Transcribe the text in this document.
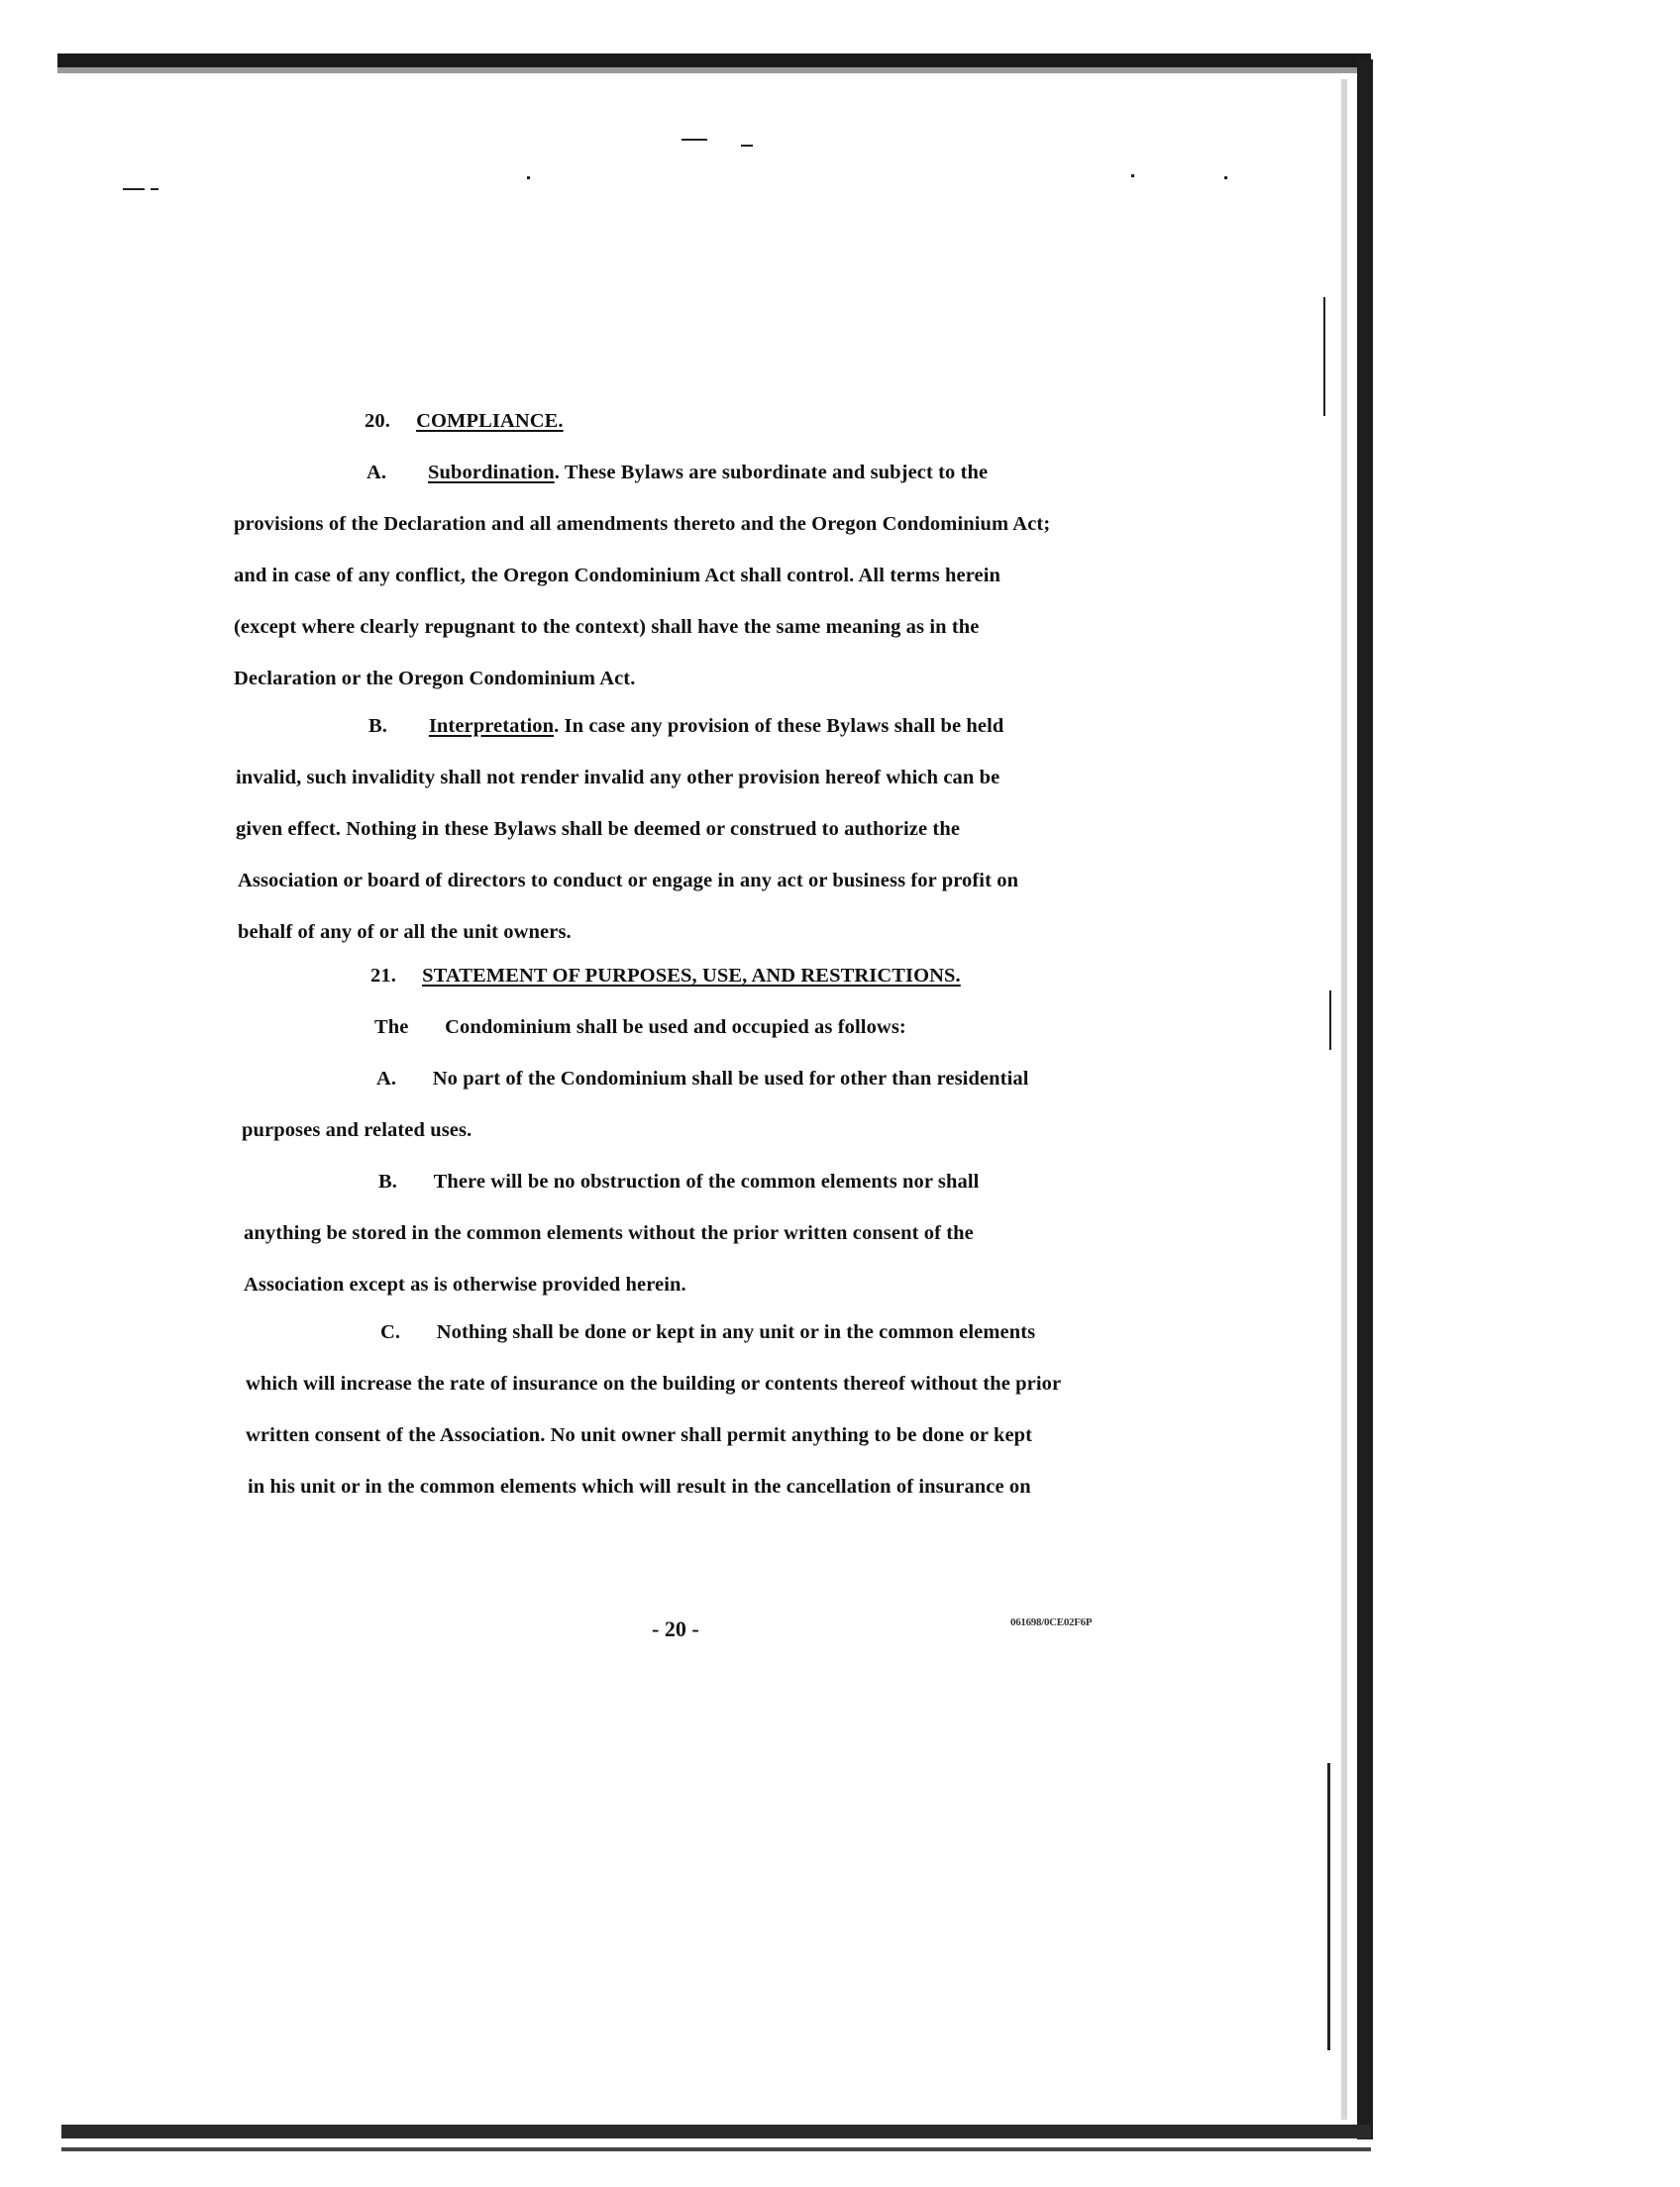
20. COMPLIANCE.
A. Subordination. These Bylaws are subordinate and subject to the
provisions of the Declaration and all amendments thereto and the Oregon Condominium Act;
and in case of any conflict, the Oregon Condominium Act shall control. All terms herein
(except where clearly repugnant to the context) shall have the same meaning as in the
Declaration or the Oregon Condominium Act.
B. Interpretation. In case any provision of these Bylaws shall be held
invalid, such invalidity shall not render invalid any other provision hereof which can be
given effect. Nothing in these Bylaws shall be deemed or construed to authorize the
Association or board of directors to conduct or engage in any act or business for profit on
behalf of any of or all the unit owners.
21. STATEMENT OF PURPOSES, USE, AND RESTRICTIONS.
The Condominium shall be used and occupied as follows:
A. No part of the Condominium shall be used for other than residential
purposes and related uses.
B. There will be no obstruction of the common elements nor shall
anything be stored in the common elements without the prior written consent of the
Association except as is otherwise provided herein.
C. Nothing shall be done or kept in any unit or in the common elements
which will increase the rate of insurance on the building or contents thereof without the prior
written consent of the Association. No unit owner shall permit anything to be done or kept
in his unit or in the common elements which will result in the cancellation of insurance on
- 20 -	061698/0CE02F6P
